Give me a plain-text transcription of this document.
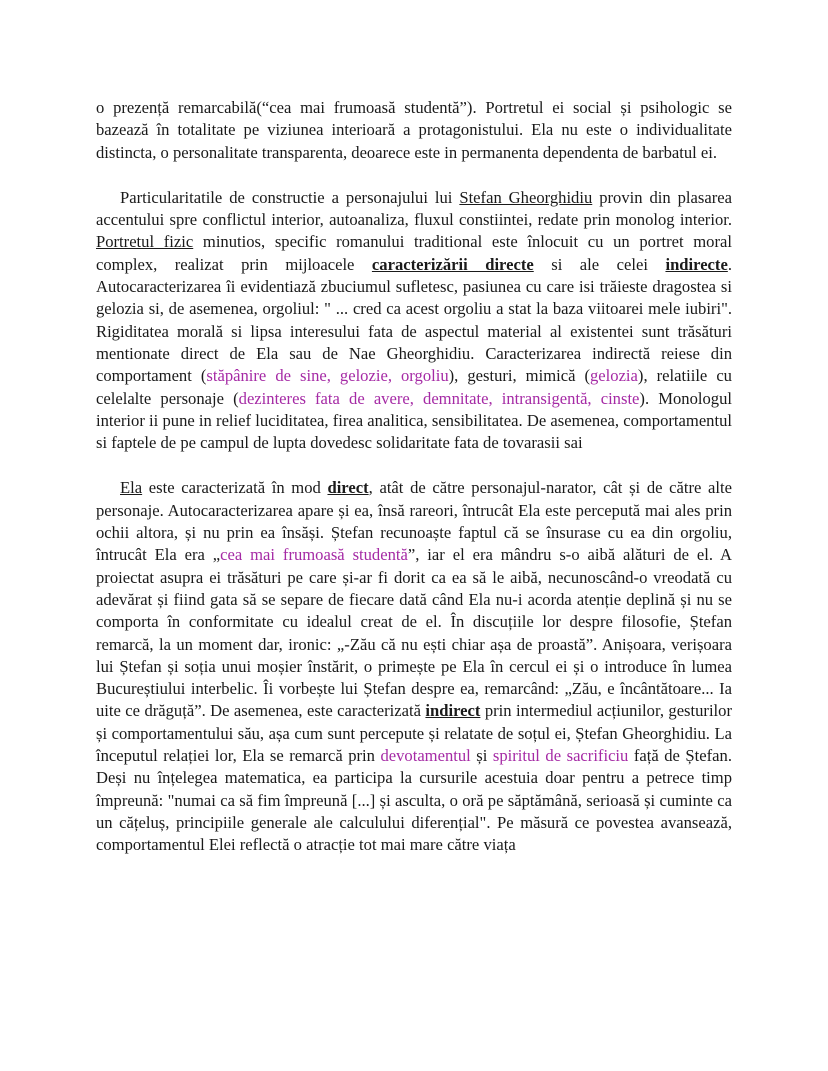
o prezență remarcabilă(“cea mai frumoasă studentă”). Portretul ei social și psihologic se bazează în totalitate pe viziunea interioară a protagonistului. Ela nu este o individualitate distincta, o personalitate transparenta, deoarece este in permanenta dependenta de barbatul ei.

Particularitatile de constructie a personajului lui Stefan Gheorghidiu provin din plasarea accentului spre conflictul interior, autoanaliza, fluxul constiintei, redate prin monolog interior. Portretul fizic minutios, specific romanului traditional este înlocuit cu un portret moral complex, realizat prin mijloacele caracterizării directe si ale celei indirecte. Autocaracterizarea îi evidentiază zbuciumul sufletesc, pasiunea cu care isi trăieste dragostea si gelozia si, de asemenea, orgoliul: " ... cred ca acest orgoliu a stat la baza viitoarei mele iubiri". Rigiditatea morală si lipsa interesului fata de aspectul material al existentei sunt trăsături mentionate direct de Ela sau de Nae Gheorghidiu. Caracterizarea indirectă reiese din comportament (stăpânire de sine, gelozie, orgoliu), gesturi, mimică (gelozia), relatiile cu celelalte personaje (dezinteres fata de avere, demnitate, intransigentă, cinste). Monologul interior ii pune in relief luciditatea, firea analitica, sensibilitatea. De asemenea, comportamentul si faptele de pe campul de lupta dovedesc solidaritate fata de tovarasii sai

Ela este caracterizată în mod direct, atât de către personajul-narator, cât și de către alte personaje. Autocaracterizarea apare și ea, însă rareori, întrucât Ela este percepută mai ales prin ochii altora, și nu prin ea însăși. Ștefan recunoaște faptul că se însurase cu ea din orgoliu, întrucât Ela era „cea mai frumoasă studentă”, iar el era mândru s-o aibă alături de el. A proiectat asupra ei trăsături pe care și-ar fi dorit ca ea să le aibă, necunoscând-o vreodată cu adevărat și fiind gata să se separe de fiecare dată când Ela nu-i acorda atenție deplină și nu se comporta în conformitate cu idealul creat de el. În discuțiile lor despre filosofie, Ștefan remarcă, la un moment dar, ironic: „-Zău că nu ești chiar așa de proastă”. Anișoara, verișoara lui Ștefan și soția unui moșier înstărit, o primește pe Ela în cercul ei și o introduce în lumea Bucureștiului interbelic. Îi vorbește lui Ștefan despre ea, remarcând: „Zău, e încântătoare... Ia uite ce drăguță”. De asemenea, este caracterizată indirect prin intermediul acțiunilor, gesturilor și comportamentului său, așa cum sunt percepute și relatate de soțul ei, Ștefan Gheorghidiu. La începutul relației lor, Ela se remarcă prin devotamentul și spiritul de sacrificiu față de Ștefan. Deși nu înțelegea matematica, ea participa la cursurile acestuia doar pentru a petrece timp împreună: "numai ca să fim împreună [...] și asculta, o oră pe săptămână, serioasă și cuminte ca un cățeluș, principiile generale ale calculului diferențial". Pe măsură ce povestea avansează, comportamentul Elei reflectă o atracție tot mai mare către viața
